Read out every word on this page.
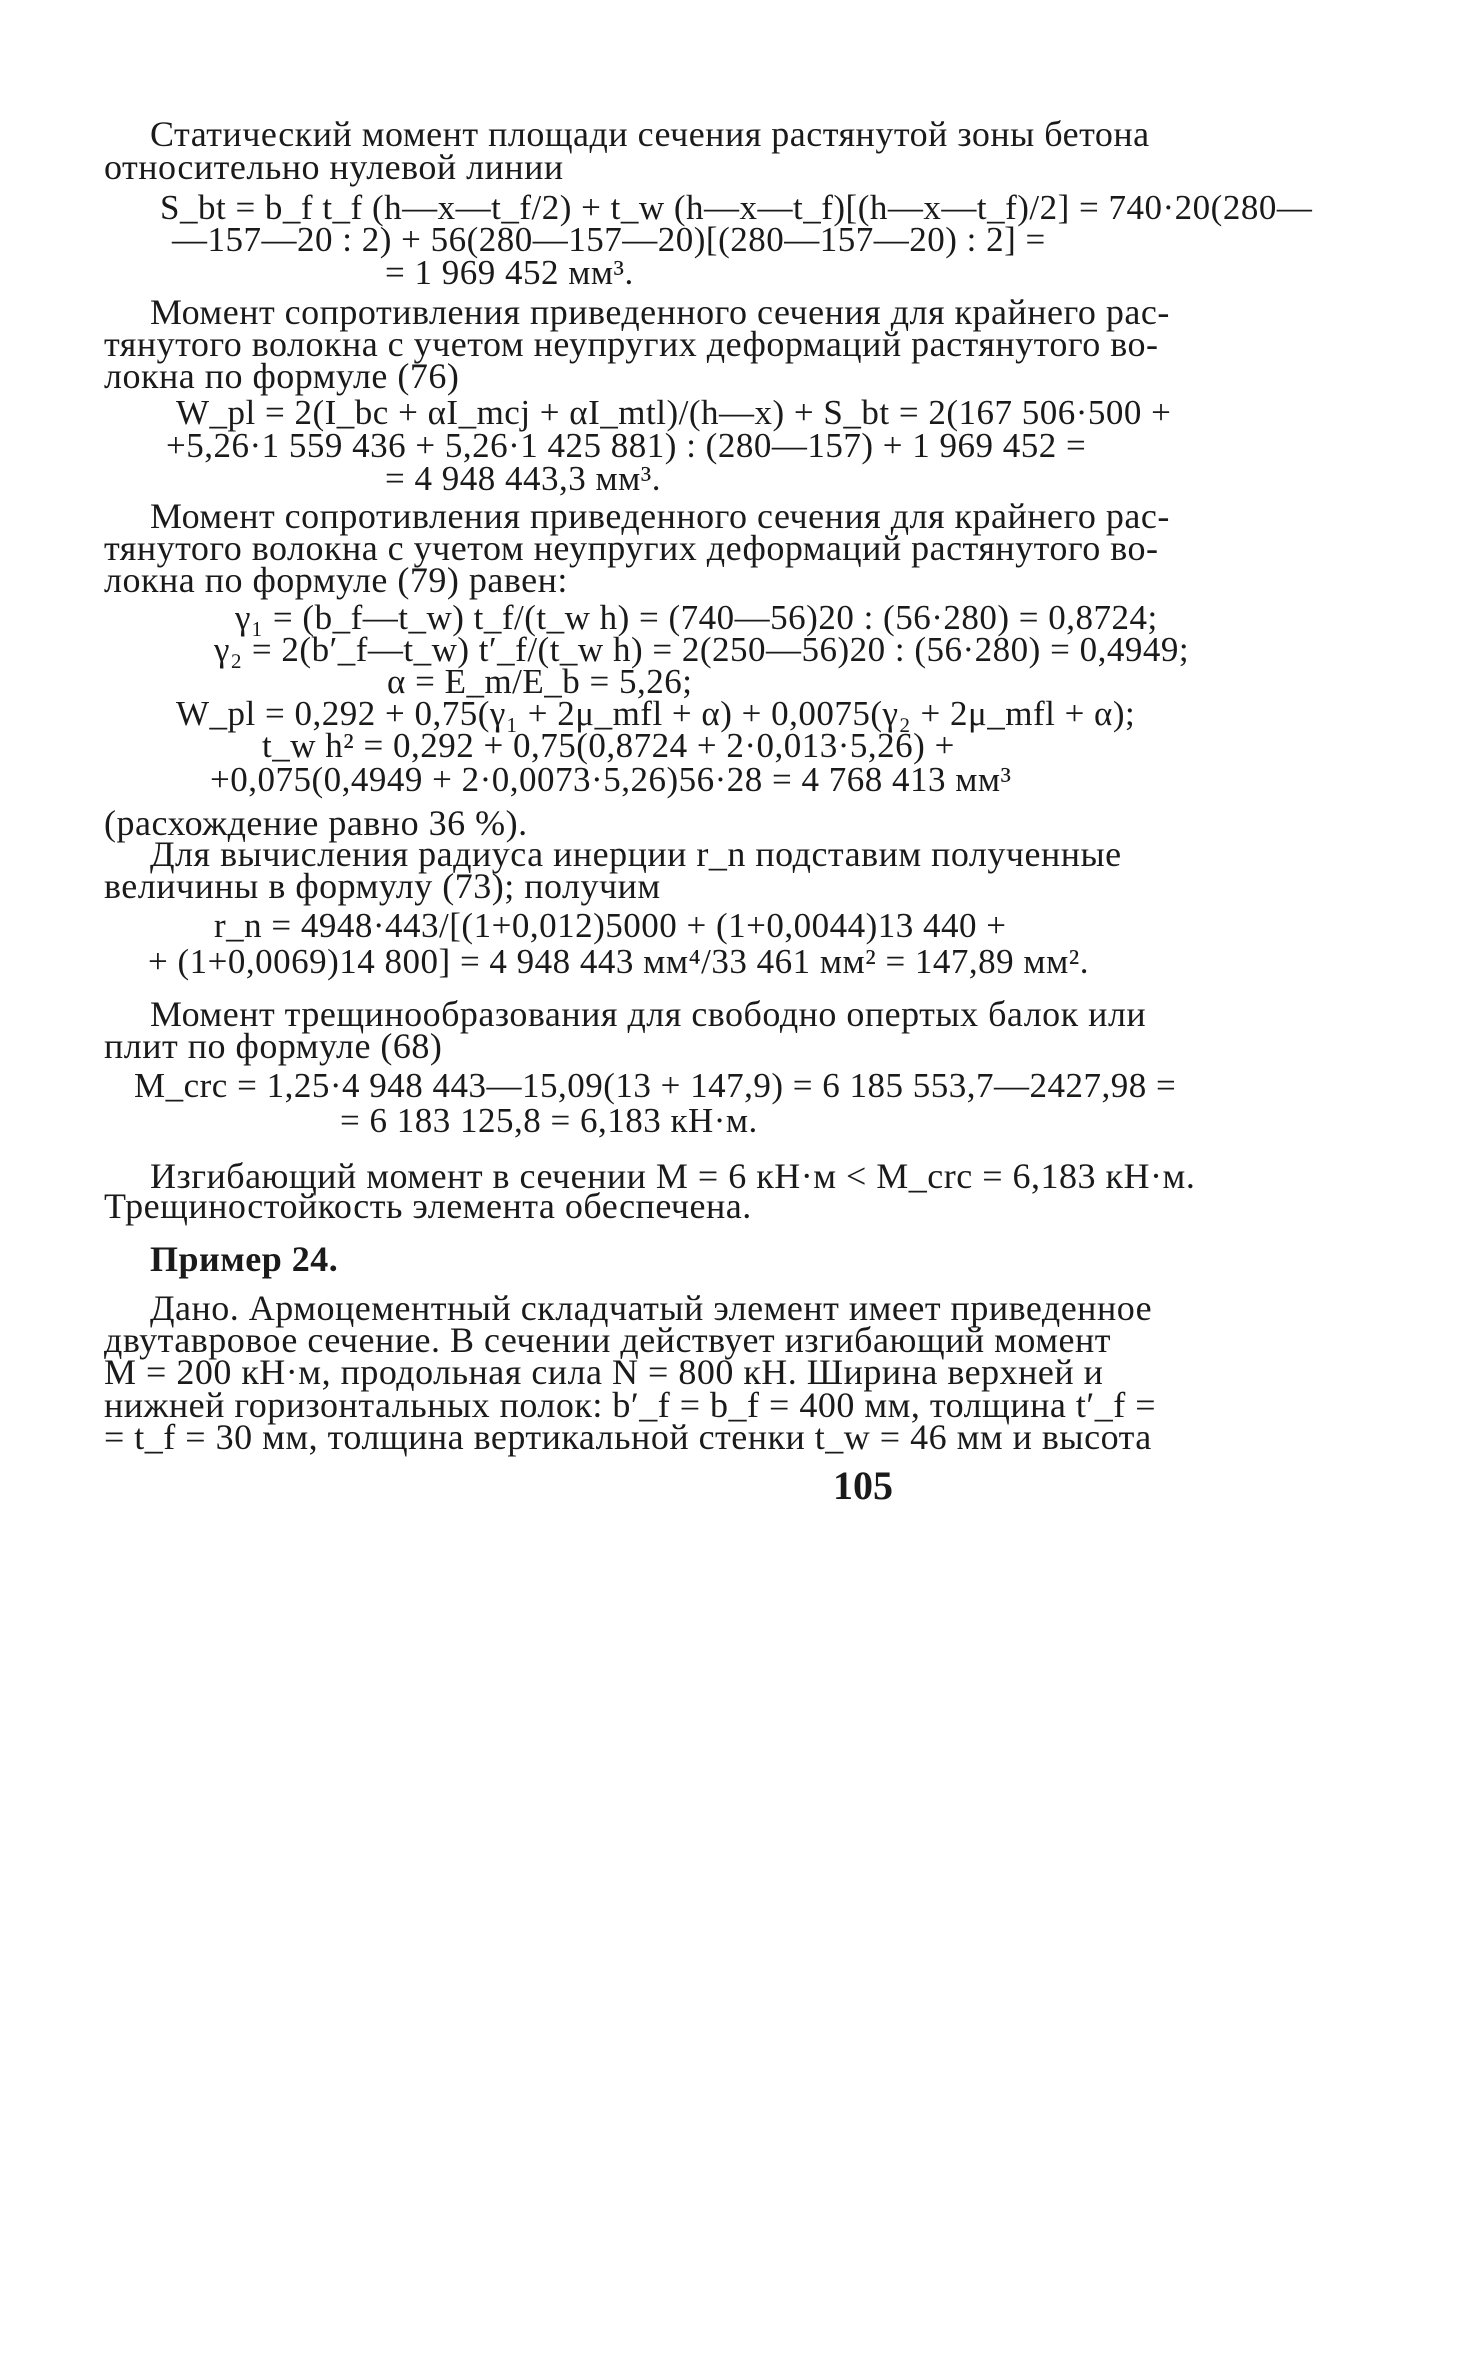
Статический момент площади сечения растянутой зоны бетона
относительно нулевой линии
S_bt = b_f t_f (h—x—t_f/2) + t_w (h—x—t_f)[(h—x—t_f)/2] = 740·20(280—
—157—20 : 2) + 56(280—157—20)[(280—157—20) : 2] =
= 1 969 452 мм³.
Момент сопротивления приведенного сечения для крайнего рас-
тянутого волокна с учетом неупругих деформаций растянутого во-
локна по формуле (76)
W_pl = 2(I_bc + αI_mcj + αI_mtl)/(h—x) + S_bt = 2(167 506·500 +
+5,26·1 559 436 + 5,26·1 425 881) : (280—157) + 1 969 452 =
= 4 948 443,3 мм³.
Момент сопротивления приведенного сечения для крайнего рас-
тянутого волокна с учетом неупругих деформаций растянутого во-
локна по формуле (79) равен:
γ₁ = (b_f—t_w) t_f/(t_w h) = (740—56)20 : (56·280) = 0,8724;
γ₂ = 2(b′_f—t_w) t′_f/(t_w h) = 2(250—56)20 : (56·280) = 0,4949;
α = E_m/E_b = 5,26;
W_pl = 0,292 + 0,75(γ₁ + 2μ_mfl + α) + 0,0075(γ₂ + 2μ_mfl + α);
t_w h² = 0,292 + 0,75(0,8724 + 2·0,013·5,26) +
+0,075(0,4949 + 2·0,0073·5,26)56·28 = 4 768 413 мм³
(расхождение равно 36 %).
Для вычисления радиуса инерции r_n подставим полученные
величины в формулу (73); получим
r_n = 4948·443/[(1+0,012)5000 + (1+0,0044)13 440 +
+ (1+0,0069)14 800] = 4 948 443 мм⁴/33 461 мм² = 147,89 мм².
Момент трещинообразования для свободно опертых балок или
плит по формуле (68)
M_crc = 1,25·4 948 443—15,09(13 + 147,9) = 6 185 553,7—2427,98 =
= 6 183 125,8 = 6,183 кН·м.
Изгибающий момент в сечении M = 6 кН·м < M_crc = 6,183 кН·м.
Трещиностойкость элемента обеспечена.
Пример 24.
Дано. Армоцементный складчатый элемент имеет приведенное
двутавровое сечение. В сечении действует изгибающий момент
M = 200 кН·м, продольная сила N = 800 кН. Ширина верхней и
нижней горизонтальных полок: b′_f = b_f = 400 мм, толщина t′_f =
= t_f = 30 мм, толщина вертикальной стенки t_w = 46 мм и высота
105
